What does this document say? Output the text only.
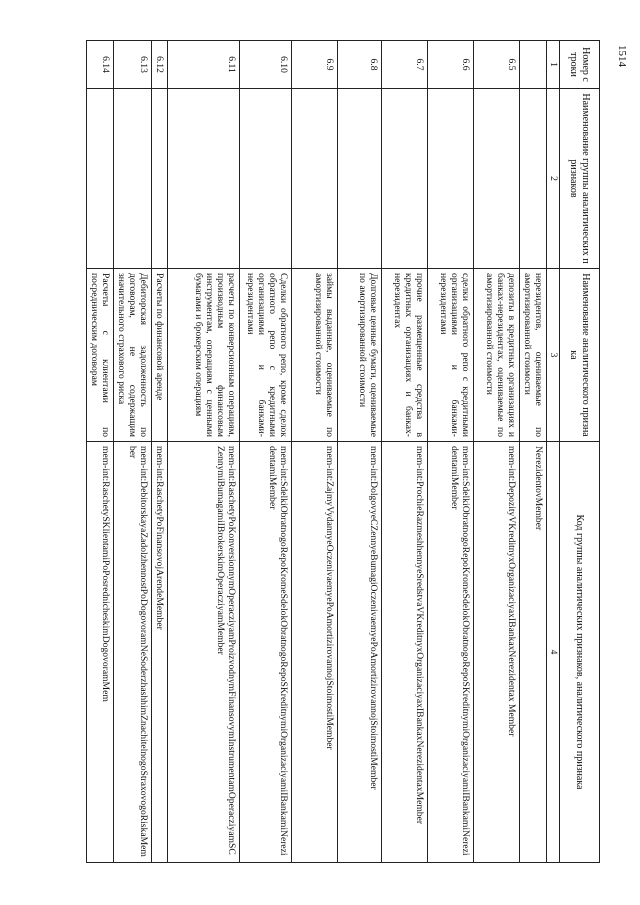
1514
Номер строки	Наименование группы аналитических признаков	Наименование аналитического признака	Код группы аналитических признаков, аналитического признака
1	2	3	4
		нерезидентов, оцениваемые по амортизированной стоимости	NerezidentovMember
6.5		депозиты в кредитных организациях и банках-нерезидентах, оцениваемые по амортизированной стоимости	mem-int:DepozityVKreditnyxOrganizaciyaxIBankaxNerezidentax Member
6.6		сделки обратного репо с кредитными организациями и банками-нерезидентами	mem-int:SdelkiObratnogoRepoKromeSdelokObratnogoRepoSKreditnymiOrganizaciyamiIBankamiNerezidentamiMember
6.7		прочие размещенные средства в кредитных организациях и банках-нерезидентах	mem-int:ProchieRazmeshhennyeSredstvaVKreditnyxOrganizaciyaxIBankaxNerezidentaxMember
6.8		Долговые ценные бумаги, оцениваемые по амортизированной стоимости	mem-int:DolgovyeCZennyeBumagiOczenivaemyePoAmortizirovannojStoimostiMember
6.9		займы выданные, оцениваемые по амортизированной стоимости	mem-int:ZajmyVydannyeOczenivaemyePoAmortizirovannojStoimostiMember
6.10		Сделки обратного репо, кроме сделок обратного репо с кредитными организациями и банками-нерезидентами	mem-int:SdelkiObratnogoRepoKromeSdelokObratnogoRepoSKreditnymiOrganizaciyamiIBankamiNerezidentamiMember
6.11		расчеты по конверсионным операциям, производным финансовым инструментам, операциям с ценными бумагами и брокерским операциям	mem-int:RaschetyPoKonversionnymOperacziyamProizvodnymFinansovymInstrumentamOperacziyamSCZennymiBumagamiIBrokerskimOperacziyamMember
6.12		Расчеты по финансовой аренде	mem-int:RaschetyPoFinansovojArendeMember
6.13		Дебиторская задолженность по договорам, не содержащим значительного страхового риска	mem-int:DebitorskayaZadolzhennostPoDogovoramNeSoderzhashhimZnachitelnogoStraxovogoRiskaMember
6.14		Расчеты с клиентами по посредническим договорам	mem-int:RaschetySKlientamiPoPosrednicheskimDogovoramMem
